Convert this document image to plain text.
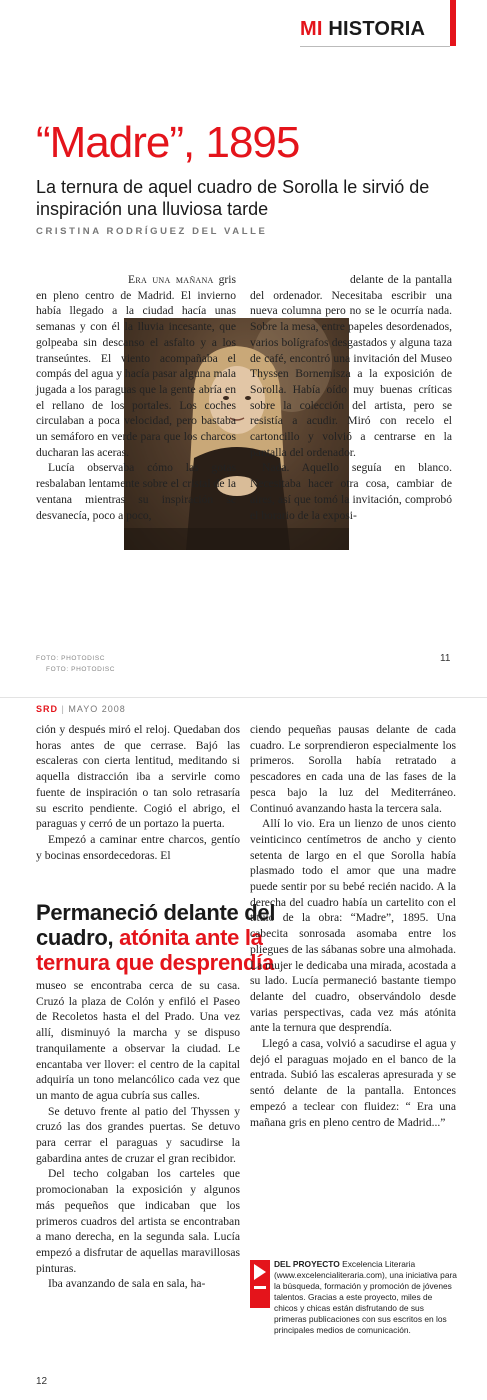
MI HISTORIA
“Madre”, 1895
La ternura de aquel cuadro de Sorolla le sirvió de inspiración una lluviosa tarde
CRISTINA RODRÍGUEZ DEL VALLE

Era una mañana gris en pleno centro de Madrid. El invierno había llegado a la ciudad hacía unas semanas y con él la lluvia incesante, que golpeaba sin descanso el asfalto y a los transeúntes. El viento acompañaba el compás del agua y hacía pasar alguna mala jugada a los paraguas que la gente abría en el rellano de los portales. Los coches circulaban a poca velocidad, pero bastaba un semáforo en verde para que los charcos ducharan las aceras.

Lucía observaba cómo las gotas resbalaban lentamente sobre el cristal de la ventana mientras su inspiración se desvanecía, poco a poco,

delante de la pantalla del ordenador. Necesitaba escribir una nueva columna pero no se le ocurría nada. Sobre la mesa, entre papeles desordenados, varios bolígrafos desgastados y alguna taza de café, encontró una invitación del Museo Thyssen Bornemisza a la exposición de Sorolla. Había oído muy buenas críticas sobre la colección del artista, pero se resistía a acudir. Miró con recelo el cartoncillo y volvió a centrarse en la pantalla del ordenador.

Nada. Aquello seguía en blanco. Necesitaba hacer otra cosa, cambiar de aires, así que tomó la invitación, comprobó el horario de la exposi-

FOTO: PHOTODISC
FOTO: PHOTODISC
11
SRD | MAYO 2008

ción y después miró el reloj. Quedaban dos horas antes de que cerrase. Bajó las escaleras con cierta lentitud, meditando si aquella distracción iba a servirle como fuente de inspiración o tan solo retrasaría su escrito pendiente. Cogió el abrigo, el paraguas y cerró de un portazo la puerta.

Empezó a caminar entre charcos, gentío y bocinas ensordecedoras. El

Permaneció delante del cuadro, atónita ante la ternura que desprendía

museo se encontraba cerca de su casa. Cruzó la plaza de Colón y enfiló el Paseo de Recoletos hasta el del Prado. Una vez allí, disminuyó la marcha y se dispuso tranquilamente a observar la ciudad. Le encantaba ver llover: el centro de la capital adquiría un tono melancólico cada vez que un manto de agua cubría sus calles.

Se detuvo frente al patio del Thyssen y cruzó las dos grandes puertas. Se detuvo para cerrar el paraguas y sacudirse la gabardina antes de cruzar el gran recibidor.

Del techo colgaban los carteles que promocionaban la exposición y algunos más pequeños que indicaban que los primeros cuadros del artista se encontraban a mano derecha, en la segunda sala. Lucía empezó a disfrutar de aquellas maravillosas pinturas.

Iba avanzando de sala en sala, ha-

ciendo pequeñas pausas delante de cada cuadro. Le sorprendieron especialmente los primeros. Sorolla había retratado a pescadores en cada una de las fases de la pesca bajo la luz del Mediterráneo. Continuó avanzando hasta la tercera sala.

Allí lo vio. Era un lienzo de unos ciento veinticinco centímetros de ancho y ciento setenta de largo en el que Sorolla había plasmado todo el amor que una madre puede sentir por su bebé recién nacido. A la derecha del cuadro había un cartelito con el título de la obra: “Madre”, 1895. Una cabecita sonrosada asomaba entre los pliegues de las sábanas sobre una almohada. La mujer le dedicaba una mirada, acostada a su lado. Lucía permaneció bastante tiempo delante del cuadro, observándolo desde varias perspectivas, cada vez más atónita ante la ternura que desprendía.

Llegó a casa, volvió a sacudirse el agua y dejó el paraguas mojado en el banco de la entrada. Subió las escaleras apresurada y se sentó delante de la pantalla. Entonces empezó a teclear con fluidez: “ Era una mañana gris en pleno centro de Madrid...”

DEL PROYECTO Excelencia Literaria (www.excelencialiteraria.com), una iniciativa para la búsqueda, formación y promoción de jóvenes talentos. Gracias a este proyecto, miles de chicos y chicas están disfrutando de sus primeras publicaciones con sus escritos en los principales medios de comunicación.
12
